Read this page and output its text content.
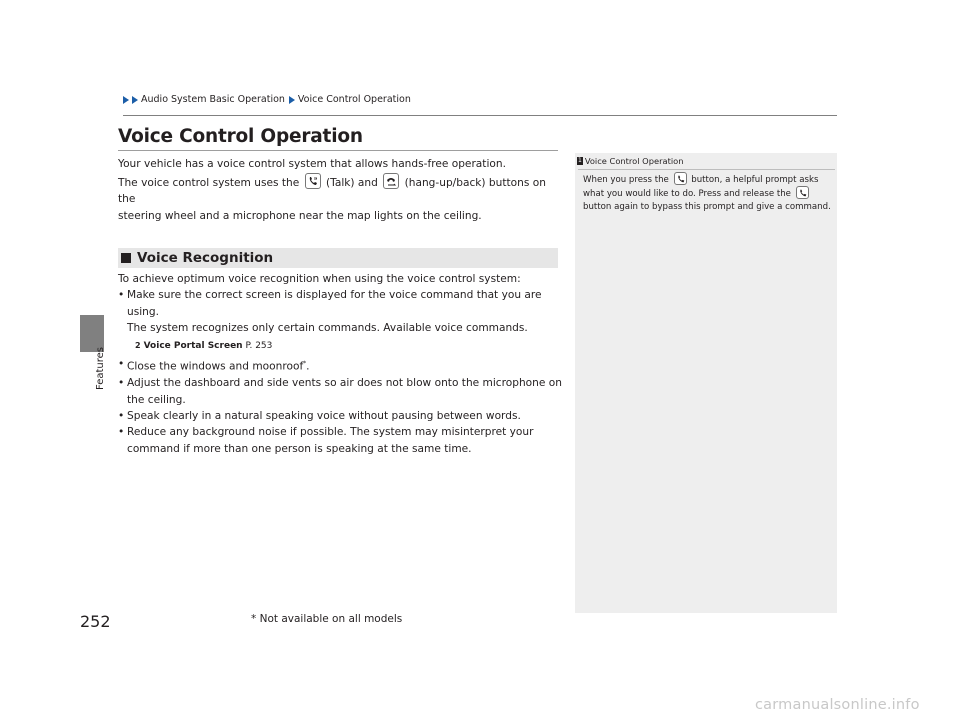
Features
Audio System Basic Operation Voice Control Operation
Voice Control Operation

Your vehicle has a voice control system that allows hands-free operation.

The voice control system uses the	(Talk) and	(hang-up/back) buttons on the

steering wheel and a microphone near the map lights on the ceiling.

Voice Recognition

To achieve optimum voice recognition when using the voice control system:

• Make sure the correct screen is displayed for the voice command that you are using.
The system recognizes only certain commands. Available voice commands.
2 Voice Portal Screen P. 253
• Close the windows and moonroof*.
• Adjust the dashboard and side vents so air does not blow onto the microphone on the ceiling.
• Speak clearly in a natural speaking voice without pausing between words.
• Reduce any background noise if possible. The system may misinterpret your command if more than one person is speaking at the same time.
1 Voice Control Operation
When you press the	button, a helpful prompt asks what you would like to do. Press and release the
button again to bypass this prompt and give a command.
252	* Not available on all models
carmanualsonline.info
